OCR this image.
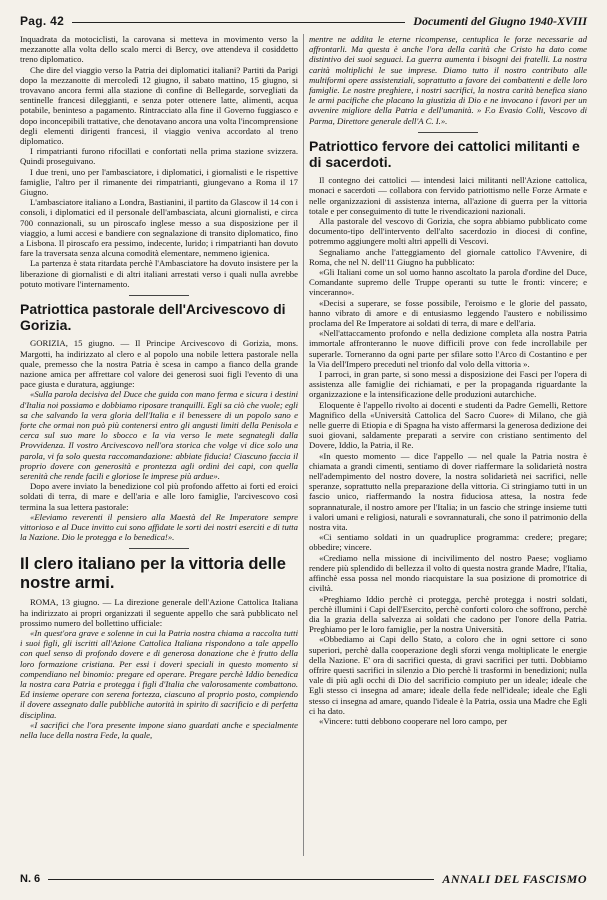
Pag. 42	Documenti del Giugno 1940-XVIII

Inquadrata da motociclisti, la carovana si metteva in movimento verso la mezzanotte alla volta dello scalo merci di Bercy, ove attendeva il cosiddetto treno diplomatico.

Che dire del viaggio verso la Patria dei diplomatici italiani? Partiti da Parigi dopo la mezzanotte di mercoledì 12 giugno, il sabato mattino, 15 giugno, si trovavano ancora fermi alla stazione di confine di Bellegarde, sorvegliati da sentinelle francesi dileggianti, e senza poter ottenere latte, alimenti, acqua potabile, beninteso a pagamento. Rintracciato alla fine il Governo fuggiasco e dopo inconcepibili trattative, che denotavano ancora una volta l'incomprensione degli elementi dirigenti francesi, il viaggio veniva accordato al treno diplomatico.

I rimpatrianti furono rifocillati e confortati nella prima stazione svizzera. Quindi proseguivano.

I due treni, uno per l'ambasciatore, i diplomatici, i giornalisti e le rispettive famiglie, l'altro per il rimanente dei rimpatrianti, giungevano a Roma il 17 Giugno.

L'ambasciatore italiano a Londra, Bastianini, il partito da Glascow il 14 con i consoli, i diplomatici ed il personale dell'ambasciata, alcuni giornalisti, e circa 700 connazionali, su un piroscafo inglese messo a sua disposizione per il viaggio, a lumi accesi e bandiere con segnalazione di transito diplomatico, fino a Lisbona. Il piroscafo era pessimo, indecente, lurido; i rimpatrianti han dovuto fare la traversata senza alcuna comodità elementare, nemmeno igienica.

La partenza è stata ritardata perchè l'Ambasciatore ha dovuto insistere per la liberazione di giornalisti e di altri italiani arrestati verso i quali nulla avrebbe potuto motivare l'internamento.

Patriottica pastorale dell'Arcivescovo di Gorizia.

GORIZIA, 15 giugno. — Il Principe Arcivescovo di Gorizia, mons. Margotti, ha indirizzato al clero e al popolo una nobile lettera pastorale nella quale, premesso che la nostra Patria è scesa in campo a fianco della grande nazione amica per affrettare col valore dei generosi suoi figli l'evento di una pace giusta e duratura, aggiunge:

«Sulla parola decisiva del Duce che guida con mano ferma e sicura i destini d'Italia noi possiamo e dobbiamo riposare tranquilli. Egli sa ciò che vuole; egli sa che salvando la vera gloria dell'Italia e il benessere di un popolo sano e forte che ormai non può più contenersi entro gli angusti limiti della Penisola e cerca sul suo mare lo sbocco e la via verso le mete segnategli dalla Provvidenza. Il vostro Arcivescovo nell'ora storica che volge vi dice solo una parola, vi fa solo questa raccomandazione: abbiate fiducia! Ciascuno faccia il proprio dovere con generosità e prontezza agli ordini dei capi, con quella serenità che rende facili e gloriose le imprese più ardue».

Dopo avere inviato la benedizione col più profondo affetto ai forti ed eroici soldati di terra, di mare e dell'aria e alle loro famiglie, l'arcivescovo così termina la sua lettera pastorale:

«Eleviamo reverenti il pensiero alla Maestà del Re Imperatore sempre vittorioso e al Duce invitto cui sono affidate le sorti dei nostri eserciti e di tutta la Nazione. Dio le protegga e lo benedica!».

Il clero italiano per la vittoria delle nostre armi.

ROMA, 13 giugno. — La direzione generale dell'Azione Cattolica Italiana ha indirizzato ai propri organizzati il seguente appello che sarà pubblicato nel prossimo numero del bollettino ufficiale:

«In quest'ora grave e solenne in cui la Patria nostra chiama a raccolta tutti i suoi figli, gli iscritti all'Azione Cattolica Italiana rispondono a tale appello con quel senso di profondo dovere e di generosa donazione che è frutto della loro formazione cristiana. Per essi i doveri speciali in questo momento si compendiano nel binomio: pregare ed operare. Pregare perchè Iddio benedica la nostra cara Patria e protegga i figli d'Italia che valorosamente combattono. Ed insieme operare con serena fortezza, ciascuno al proprio posto, compiendo il dovere assegnato dalle pubbliche autorità in spirito di sacrificio e di perfetta disciplina.

«I sacrifici che l'ora presente impone siano guardati anche e specialmente nella luce della nostra Fede, la quale,

mentre ne addita le eterne ricompense, centuplica le forze necessarie ad affrontarli. Ma questa è anche l'ora della carità che Cristo ha dato come distintivo dei suoi seguaci. La guerra aumenta i bisogni dei fratelli. La nostra carità moltiplichi le sue imprese. Diamo tutto il nostro contributo alle multiformi opere assistenziali, soprattutto a favore dei combattenti e delle loro famiglie. Le nostre preghiere, i nostri sacrifici, la nostra carità benefica siano le armi pacifiche che placano la giustizia di Dio e ne invocano i favori per un avvenire migliore della Patria e dell'umanità. » F.o Evasio Colli, Vescovo di Parma, Direttore generale dell'A C. I.».

Patriottico fervore dei cattolici militanti e di sacerdoti.

Il contegno dei cattolici — intendesi laici militanti nell'Azione cattolica, monaci e sacerdoti — collabora con fervido patriottismo nelle Forze Armate e nelle organizzazioni di assistenza interna, all'azione di guerra per la vittoria totale e per conseguimento di tutte le rivendicazioni nazionali.

Alla pastorale del vescovo di Gorizia, che sopra abbiamo pubblicato come documento-tipo dell'intervento dell'alto sacerdozio in diocesi di confine, potremmo aggiungere molti altri appelli di Vescovi.

Segnaliamo anche l'atteggiamento del giornale cattolico l'Avvenire, di Roma, che nel N. dell'11 Giugno ha pubblicato:

«Gli Italiani come un sol uomo hanno ascoltato la parola d'ordine del Duce, Comandante supremo delle Truppe operanti su tutte le fronti: vincere; e vinceranno».

«Decisi a superare, se fosse possibile, l'eroismo e le glorie del passato, hanno vibrato di amore e di entusiasmo leggendo l'austero e nobilissimo proclama del Re Imperatore ai soldati di terra, di mare e dell'aria.

«Nell'attaccamento profondo e nella dedizione completa alla nostra Patria immortale affronteranno le nuove difficili prove con fede incrollabile per superarle. Torneranno da ogni parte per sfilare sotto l'Arco di Costantino e per la Via dell'Impero preceduti nel trionfo dal volo della vittoria ».

I parroci, in gran parte, si sono messi a disposizione dei Fasci per l'opera di assistenza alle famiglie dei richiamati, e per la propaganda riguardante la organizzazione e la intensificazione delle produzioni autarchiche.

Eloquente è l'appello rivolto ai docenti e studenti da Padre Gemelli, Rettore Magnifico della «Università Cattolica del Sacro Cuore» di Milano, che già nelle guerre di Etiopia e di Spagna ha visto affermarsi la generosa dedizione dei suoi giovani, saldamente preparati a servire con cristiano sentimento del Dovere, Iddio, la Patria, il Re.

«In questo momento — dice l'appello — nel quale la Patria nostra è chiamata a grandi cimenti, sentiamo di dover riaffermare la solidarietà nostra nell'adempimento del nostro dovere, la nostra solidarietà nei sacrifici, nelle speranze, soprattutto nella preparazione della vittoria. Ci stringiamo tutti in un fascio unico, riaffermando la nostra fiduciosa attesa, la nostra fede soprannaturale, il nostro amore per l'Italia; in un fascio che stringe insieme tutti i valori umani e religiosi, naturali e sovrannaturali, che sono il patrimonio della nostra vita.

«Ci sentiamo soldati in un quadruplice programma: credere; pregare; obbedire; vincere.

«Crediamo nella missione di incivilimento del nostro Paese; vogliamo rendere più splendido di bellezza il volto di questa nostra grande Madre, l'Italia, affinchè essa possa nel mondo riacquistare la sua posizione di promotrice di civiltà.

«Preghiamo Iddio perchè ci protegga, perchè protegga i nostri soldati, perchè illumini i Capi dell'Esercito, perchè conforti coloro che soffrono, perchè dia la grazia della salvezza ai soldati che cadono per l'onore della Patria. Preghiamo per le loro famiglie, per la nostra Università.

«Obbediamo ai Capi dello Stato, a coloro che in ogni settore ci sono superiori, perchè dalla cooperazione degli sforzi venga moltiplicate le energie della Nazione. E' ora di sacrifici questa, di gravi sacrifici per tutti. Dobbiamo offrire questi sacrifici in silenzio a Dio perchè li trasformi in benedizioni; nulla vale di più agli occhi di Dio del sacrificio compiuto per un ideale; ideale che Egli stesso ci insegna ad amare; ideale della fede nell'ideale; ideale che Egli stesso ci insegna ad amare, quando l'ideale è la Patria, ossia una Madre che Egli ci ha dato.

«Vincere: tutti debbono cooperare nel loro campo, per

N. 6	ANNALI DEL FASCISMO
